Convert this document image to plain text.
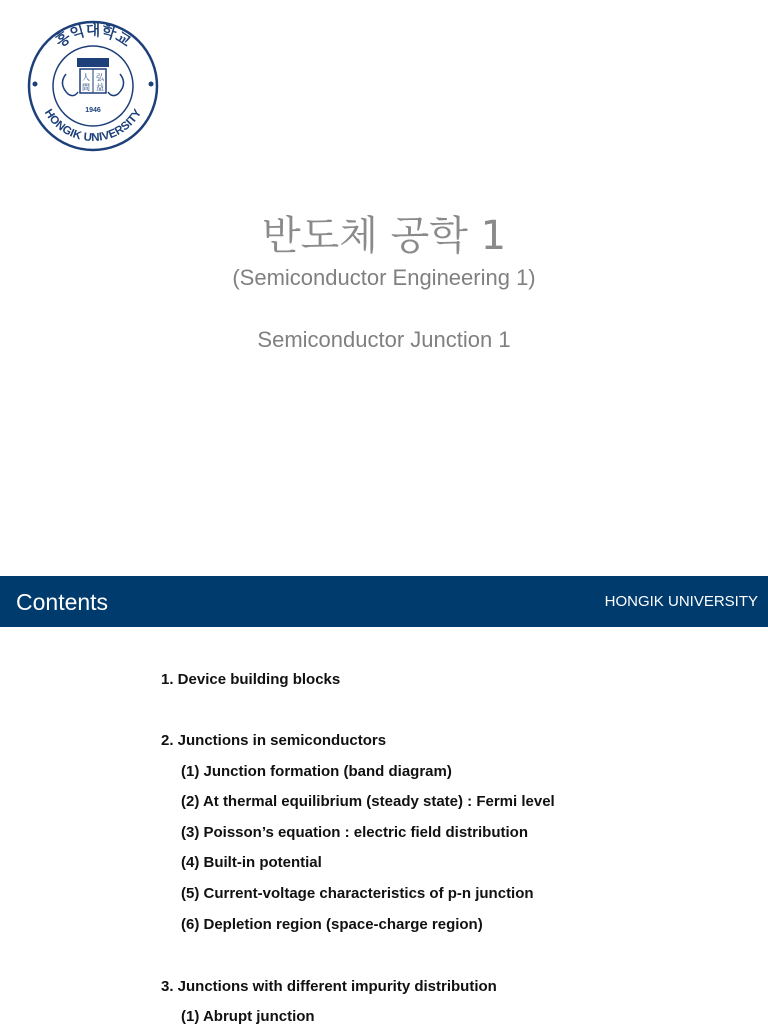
홍익대학교
HONGIK UNIVERSITY
人 弘
間 益
1946
반도체 공학 1
(Semiconductor Engineering 1)
Semiconductor Junction 1
Contents	HONGIK UNIVERSITY
1. Device building blocks
2. Junctions in semiconductors
(1) Junction formation (band diagram)
(2) At thermal equilibrium (steady state) : Fermi level
(3) Poisson’s equation : electric field distribution
(4) Built-in potential
(5) Current-voltage characteristics of p-n junction
(6) Depletion region (space-charge region)
3. Junctions with different impurity distribution
(1) Abrupt junction
